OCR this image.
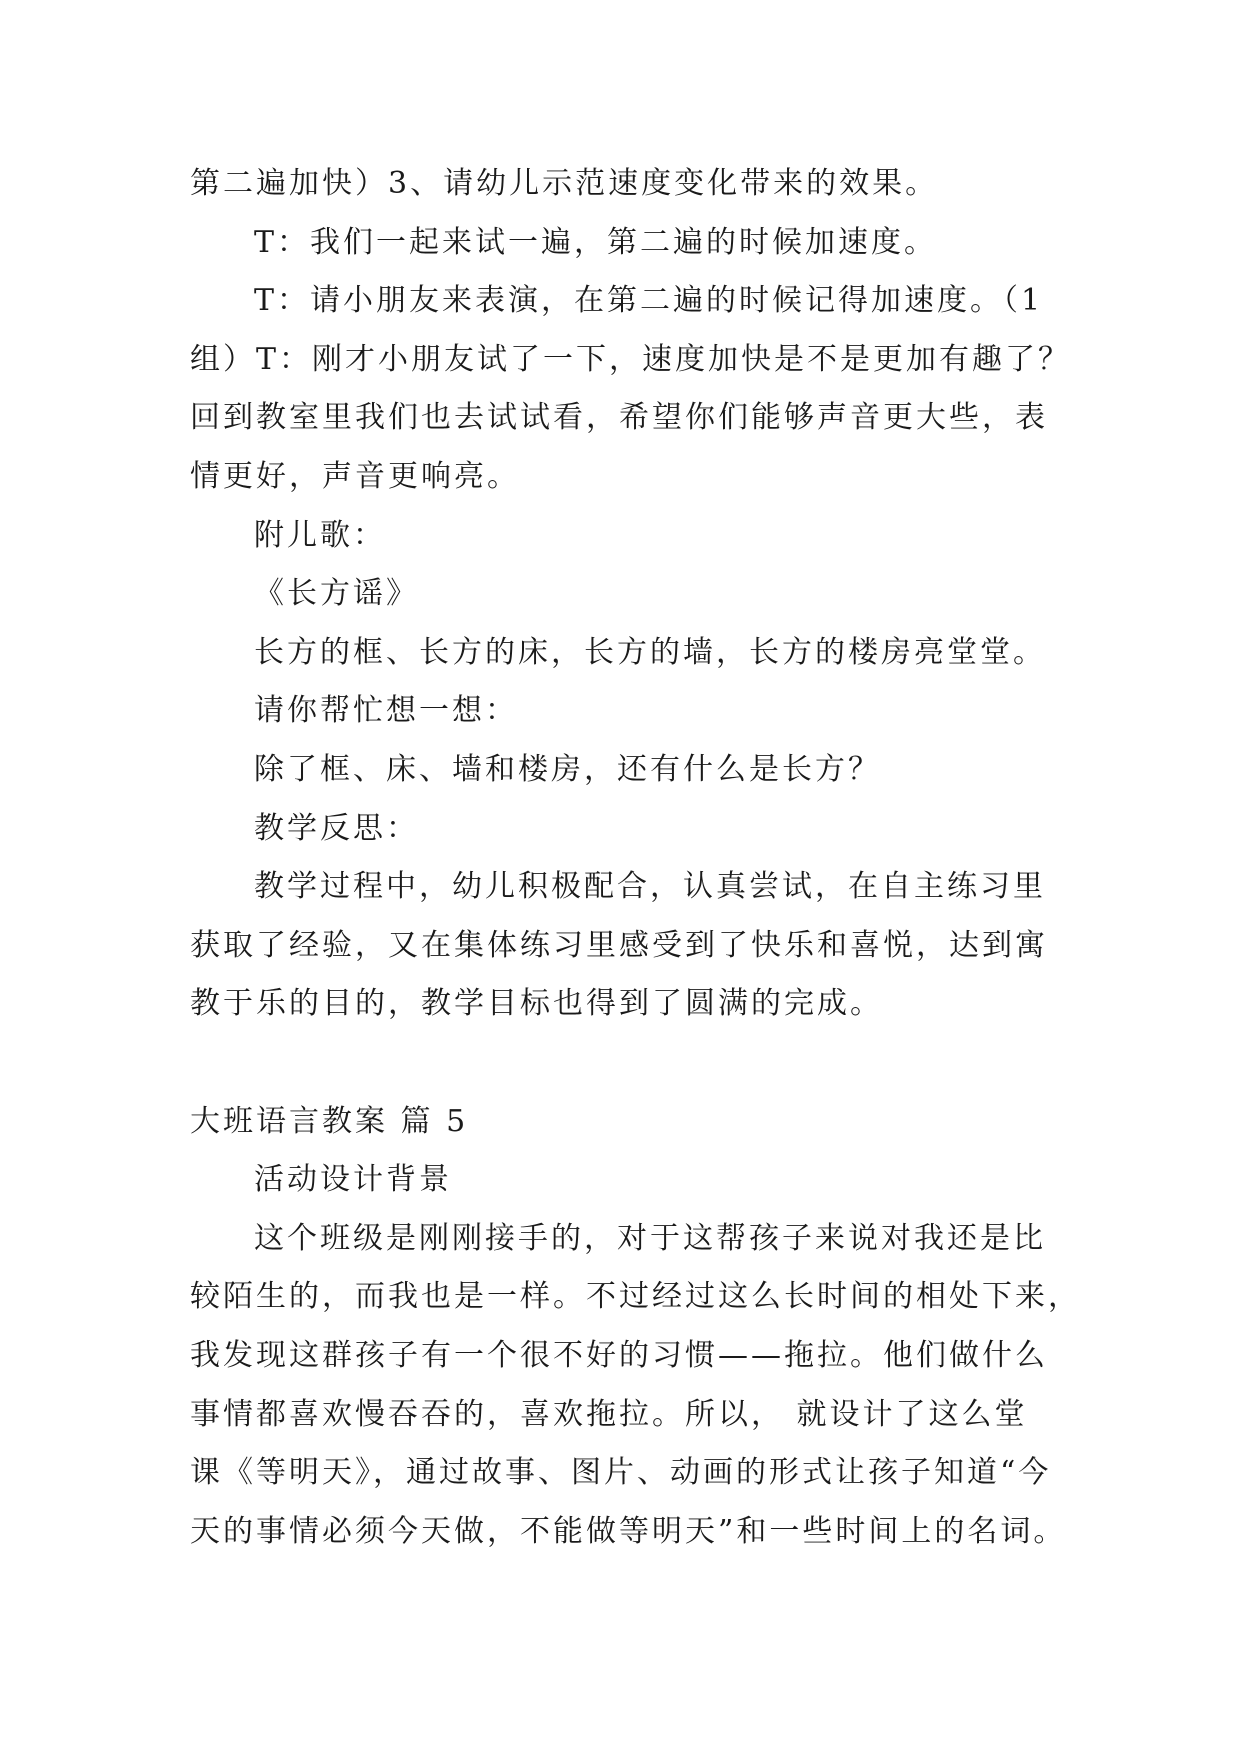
第二遍加快）3、请幼儿示范速度变化带来的效果。
T：我们一起来试一遍，第二遍的时候加速度。
T：请小朋友来表演，在第二遍的时候记得加速度。（1
组）T：刚才小朋友试了一下，速度加快是不是更加有趣了？
回到教室里我们也去试试看，希望你们能够声音更大些，表
情更好，声音更响亮。
附儿歌：
《长方谣》
长方的框、长方的床，长方的墙，长方的楼房亮堂堂。
请你帮忙想一想：
除了框、床、墙和楼房，还有什么是长方？
教学反思：
教学过程中，幼儿积极配合，认真尝试，在自主练习里
获取了经验，又在集体练习里感受到了快乐和喜悦，达到寓
教于乐的目的，教学目标也得到了圆满的完成。
大班语言教案 篇 5
活动设计背景
这个班级是刚刚接手的，对于这帮孩子来说对我还是比
较陌生的，而我也是一样。不过经过这么长时间的相处下来，
我发现这群孩子有一个很不好的习惯——拖拉。他们做什么
事情都喜欢慢吞吞的，喜欢拖拉。所以， 就设计了这么堂
课《等明天》，通过故事、图片、动画的形式让孩子知道“今
天的事情必须今天做，不能做等明天”和一些时间上的名词。
